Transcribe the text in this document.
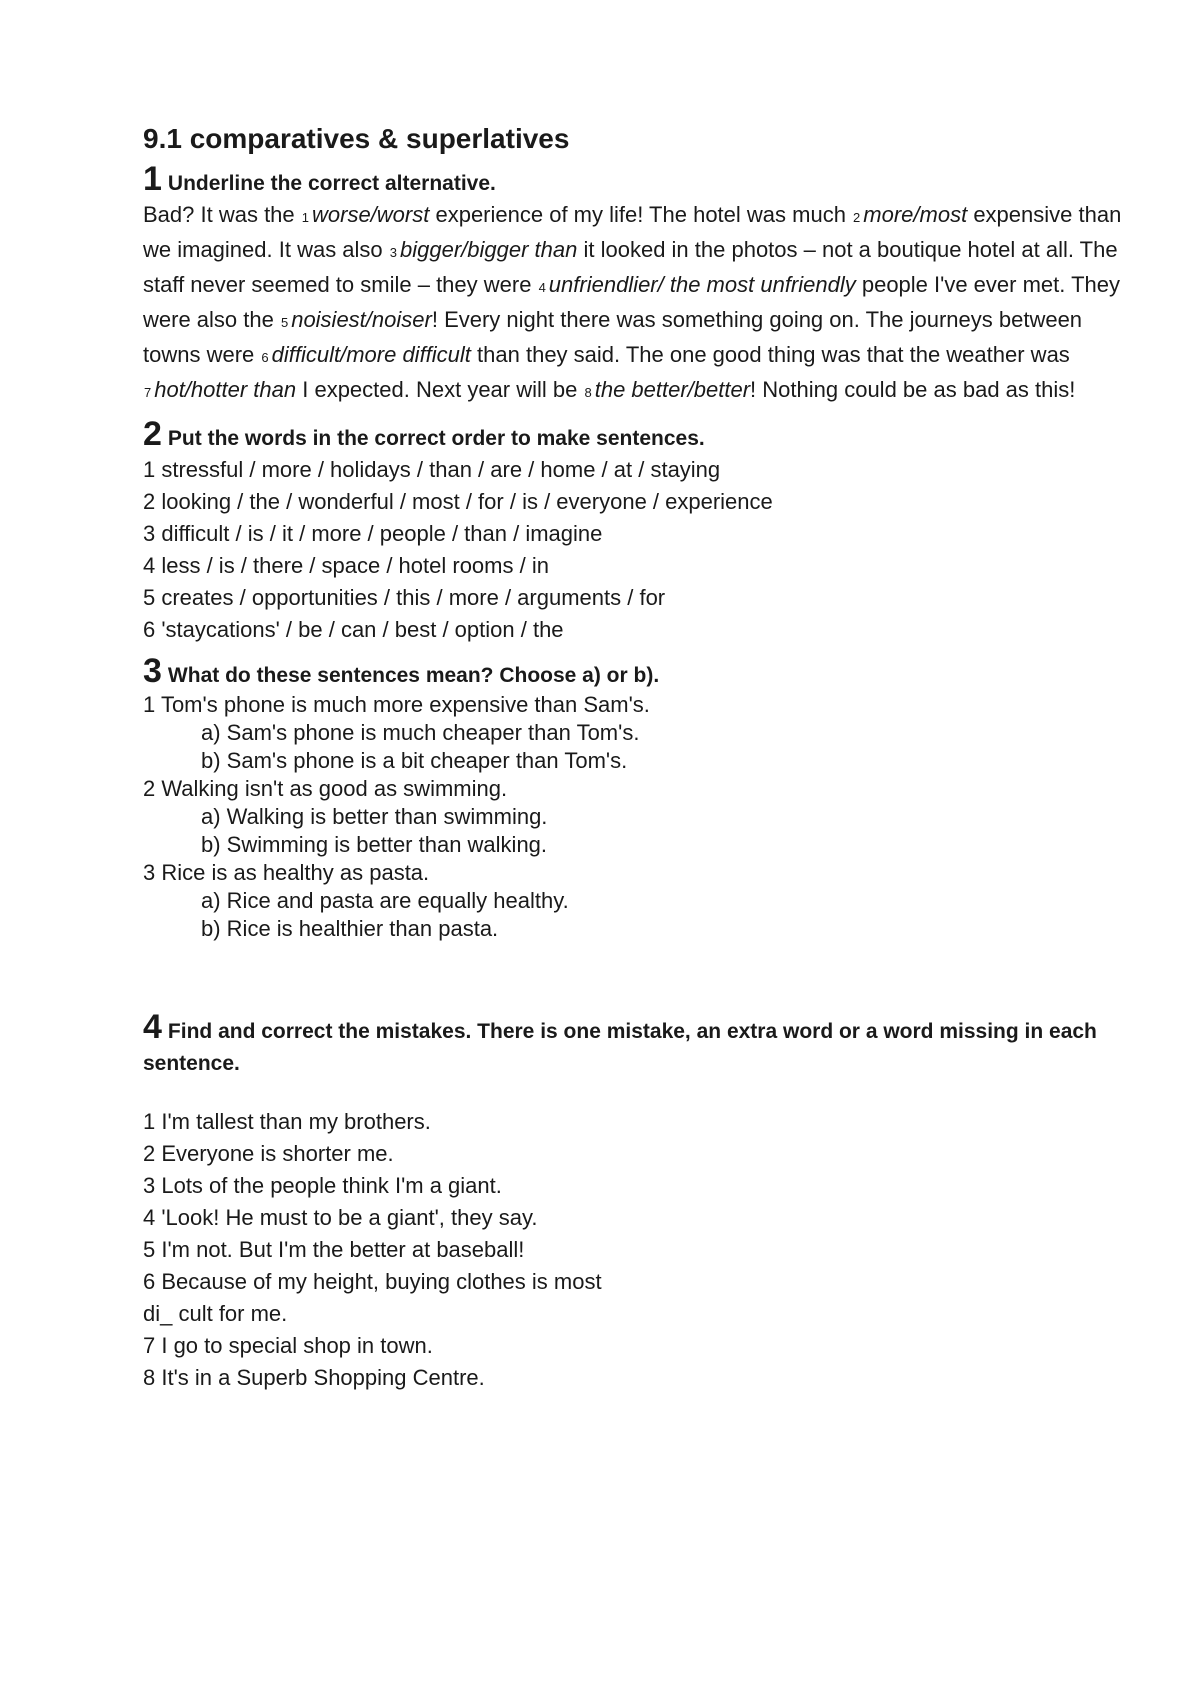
9.1 comparatives & superlatives

1 Underline the correct alternative.

Bad? It was the 1 worse/worst experience of my life! The hotel was much 2 more/most expensive than we imagined. It was also 3 bigger/bigger than it looked in the photos – not a boutique hotel at all. The staff never seemed to smile – they were 4 unfriendlier/ the most unfriendly people I've ever met. They were also the 5 noisiest/noiser! Every night there was something going on. The journeys between towns were 6 difficult/more difficult than they said. The one good thing was that the weather was 7 hot/hotter than I expected. Next year will be 8 the better/better! Nothing could be as bad as this!

2 Put the words in the correct order to make sentences.

1 stressful / more / holidays / than / are / home / at / staying

2 looking / the / wonderful / most / for / is / everyone / experience

3 difficult / is / it / more / people / than / imagine

4 less / is / there / space / hotel rooms / in

5 creates / opportunities / this / more / arguments / for

6 'staycations' / be / can / best / option / the

3 What do these sentences mean? Choose a) or b).

1 Tom's phone is much more expensive than Sam's.

a) Sam's phone is much cheaper than Tom's.

b) Sam's phone is a bit cheaper than Tom's.

2 Walking isn't as good as swimming.

a) Walking is better than swimming.

b) Swimming is better than walking.

3 Rice is as healthy as pasta.

a) Rice and pasta are equally healthy.

b) Rice is healthier than pasta.

4 Find and correct the mistakes. There is one mistake, an extra word or a word missing in each sentence.

1 I'm tallest than my brothers.

2 Everyone is shorter me.

3 Lots of the people think I'm a giant.

4 'Look! He must to be a giant', they say.

5 I'm not. But I'm the better at baseball!

6 Because of my height, buying clothes is most

di_ cult for me.

7 I go to special shop in town.

8 It's in a Superb Shopping Centre.
